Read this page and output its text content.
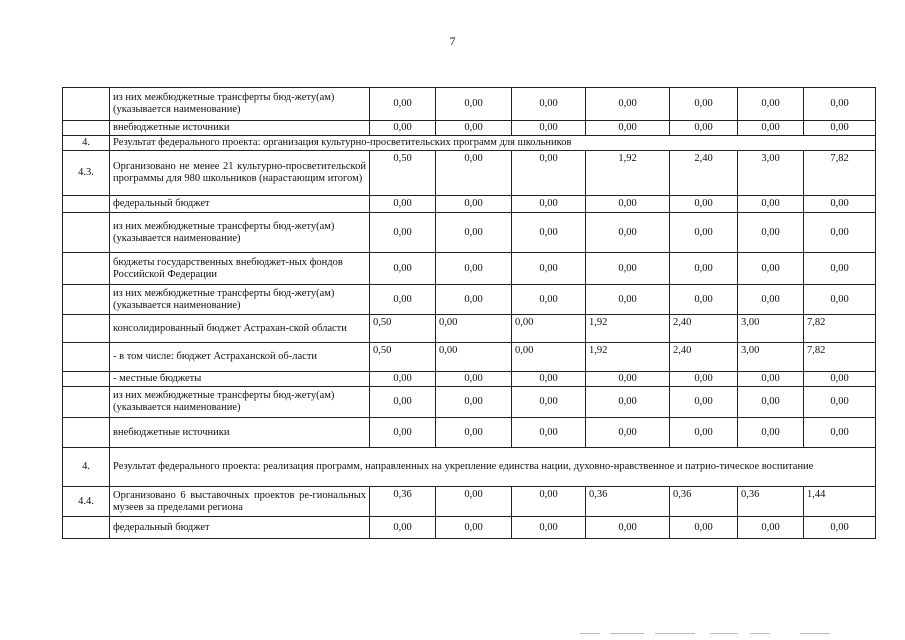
7
	из них межбюджетные трансферты бюд-жету(ам) (указывается наименование)	0,00	0,00	0,00	0,00	0,00	0,00	0,00
	внебюджетные источники	0,00	0,00	0,00	0,00	0,00	0,00	0,00
4.	Результат федерального проекта: организация культурно-просветительских программ для школьников							
4.3.	Организовано не менее 21 культурно-просветительской программы для 980 школьников (нарастающим итогом)	0,50	0,00	0,00	1,92	2,40	3,00	7,82
	федеральный бюджет	0,00	0,00	0,00	0,00	0,00	0,00	0,00
	из них межбюджетные трансферты бюд-жету(ам) (указывается наименование)	0,00	0,00	0,00	0,00	0,00	0,00	0,00
	бюджеты государственных внебюджет-ных фондов Российской Федерации	0,00	0,00	0,00	0,00	0,00	0,00	0,00
	из них межбюджетные трансферты бюд-жету(ам) (указывается наименование)	0,00	0,00	0,00	0,00	0,00	0,00	0,00
	консолидированный бюджет Астрахан-ской области	0,50	0,00	0,00	1,92	2,40	3,00	7,82
	- в том числе: бюджет Астраханской об-ласти	0,50	0,00	0,00	1,92	2,40	3,00	7,82
	- местные бюджеты	0,00	0,00	0,00	0,00	0,00	0,00	0,00
	из них межбюджетные трансферты бюд-жету(ам) (указывается наименование)	0,00	0,00	0,00	0,00	0,00	0,00	0,00
	внебюджетные источники	0,00	0,00	0,00	0,00	0,00	0,00	0,00
4.	Результат федерального проекта: реализация программ, направленных на укрепление единства нации, духовно-нравственное и патрио-тическое воспитание							
4.4.	Организовано 6 выставочных проектов ре-гиональных музеев за пределами региона	0,36	0,00	0,00	0,36	0,36	0,36	1,44
	федеральный бюджет	0,00	0,00	0,00	0,00	0,00	0,00	0,00
